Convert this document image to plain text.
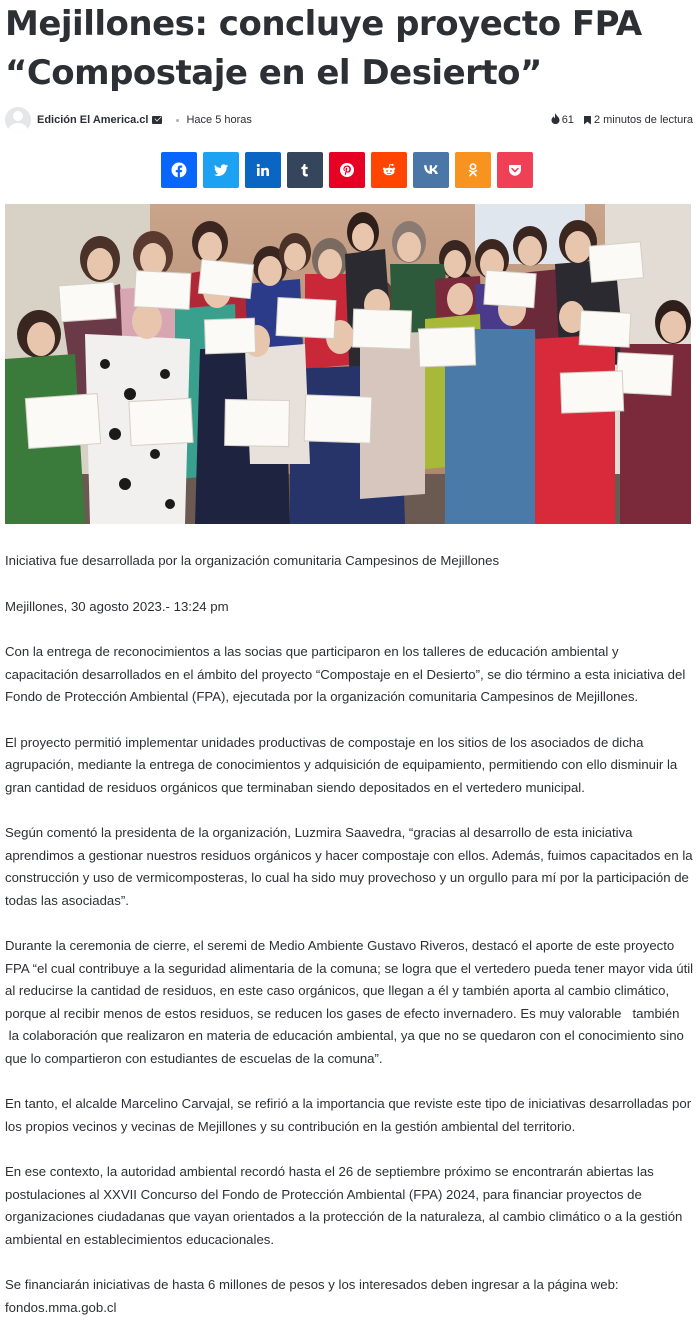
Mejillones: concluye proyecto FPA “Compostaje en el Desierto”
Edición El America.cl	Hace 5 horas	61 2 minutos de lectura

Iniciativa fue desarrollada por la organización comunitaria Campesinos de Mejillones

Mejillones, 30 agosto 2023.- 13:24 pm

Con la entrega de reconocimientos a las socias que participaron en los talleres de educación ambiental y capacitación desarrollados en el ámbito del proyecto “Compostaje en el Desierto”, se dio término a esta iniciativa del Fondo de Protección Ambiental (FPA), ejecutada por la organización comunitaria Campesinos de Mejillones.

El proyecto permitió implementar unidades productivas de compostaje en los sitios de los asociados de dicha agrupación, mediante la entrega de conocimientos y adquisición de equipamiento, permitiendo con ello disminuir la gran cantidad de residuos orgánicos que terminaban siendo depositados en el vertedero municipal.

Según comentó la presidenta de la organización, Luzmira Saavedra, “gracias al desarrollo de esta iniciativa aprendimos a gestionar nuestros residuos orgánicos y hacer compostaje con ellos. Además, fuimos capacitados en la construcción y uso de vermicomposteras, lo cual ha sido muy provechoso y un orgullo para mí por la participación de todas las asociadas”.

Durante la ceremonia de cierre, el seremi de Medio Ambiente Gustavo Riveros, destacó el aporte de este proyecto FPA “el cual contribuye a la seguridad alimentaria de la comuna; se logra que el vertedero pueda tener mayor vida útil al reducirse la cantidad de residuos, en este caso orgánicos, que llegan a él y también aporta al cambio climático, porque al recibir menos de estos residuos, se reducen los gases de efecto invernadero. Es muy valorable   también  la colaboración que realizaron en materia de educación ambiental, ya que no se quedaron con el conocimiento sino que lo compartieron con estudiantes de escuelas de la comuna”.

En tanto, el alcalde Marcelino Carvajal, se refirió a la importancia que reviste este tipo de iniciativas desarrolladas por los propios vecinos y vecinas de Mejillones y su contribución en la gestión ambiental del territorio.

En ese contexto, la autoridad ambiental recordó hasta el 26 de septiembre próximo se encontrarán abiertas las postulaciones al XXVII Concurso del Fondo de Protección Ambiental (FPA) 2024, para financiar proyectos de organizaciones ciudadanas que vayan orientados a la protección de la naturaleza, al cambio climático o a la gestión ambiental en establecimientos educacionales.

Se financiarán iniciativas de hasta 6 millones de pesos y los interesados deben ingresar a la página web: fondos.mma.gob.cl
